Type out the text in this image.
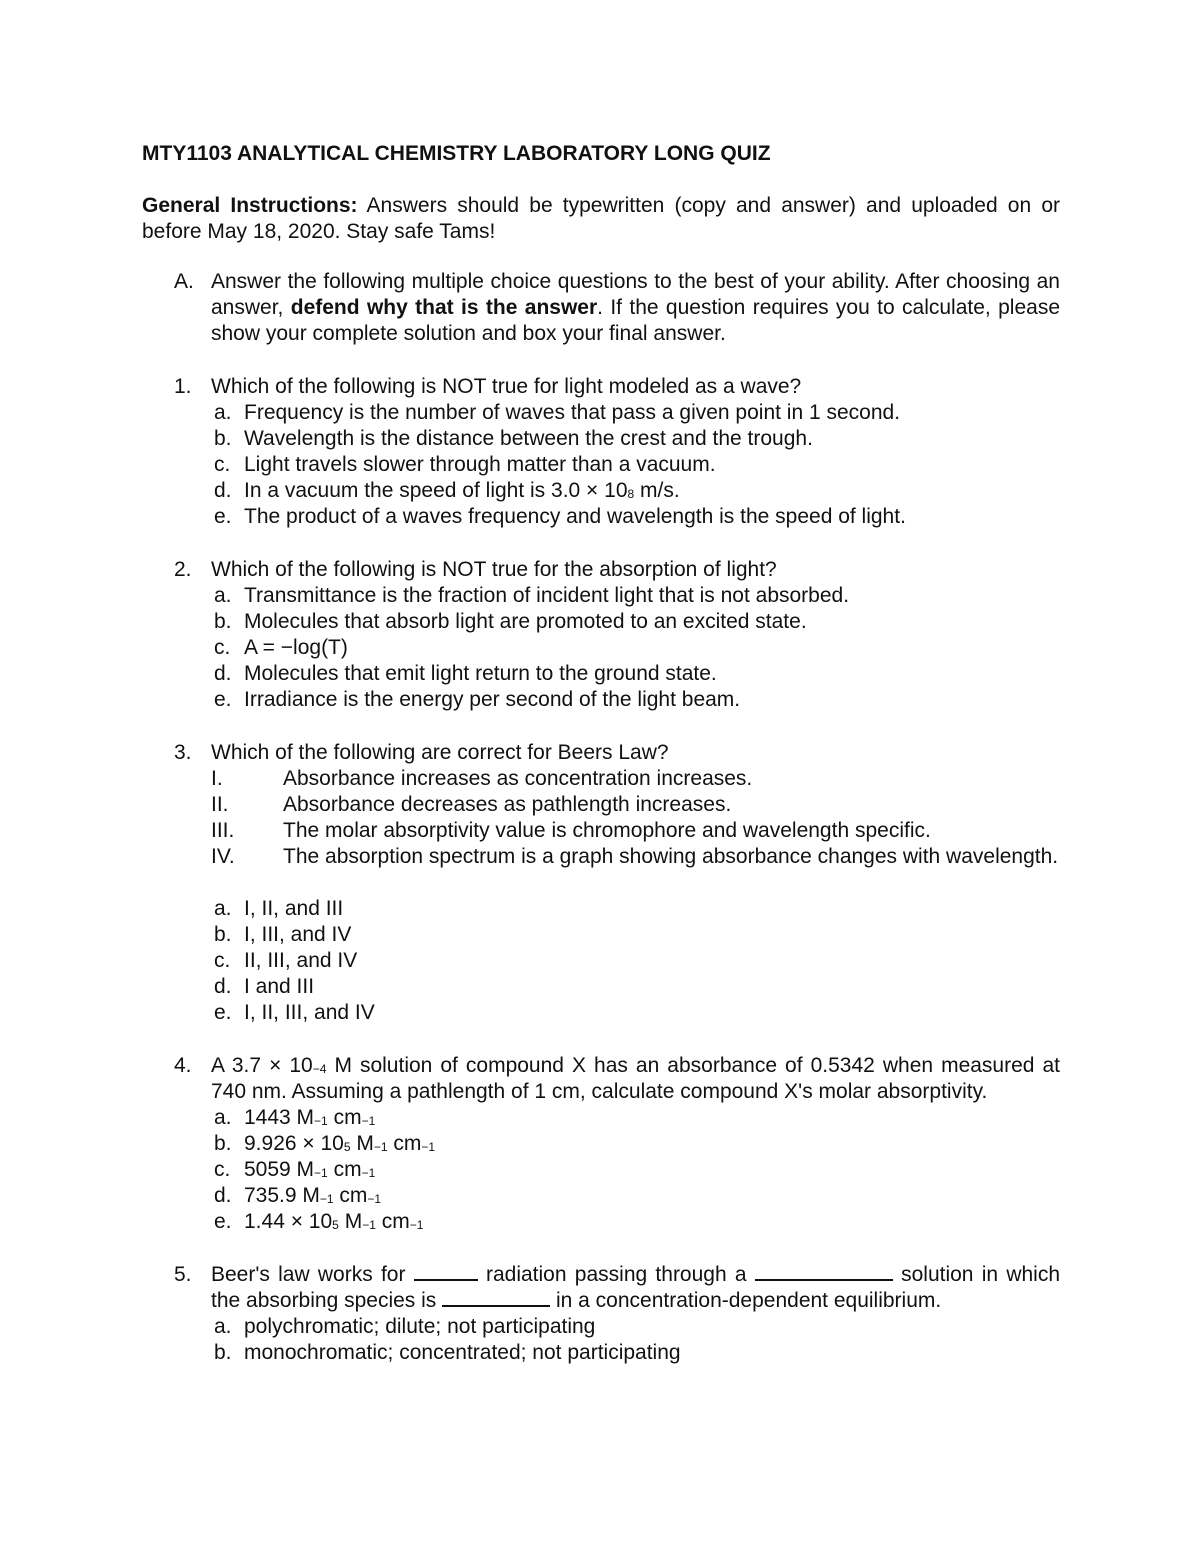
MTY1103 ANALYTICAL CHEMISTRY LABORATORY LONG QUIZ

General Instructions: Answers should be typewritten (copy and answer) and uploaded on or before May 18, 2020. Stay safe Tams!
A. Answer the following multiple choice questions to the best of your ability. After choosing an answer, defend why that is the answer. If the question requires you to calculate, please show your complete solution and box your final answer.
1. Which of the following is NOT true for light modeled as a wave?
a. Frequency is the number of waves that pass a given point in 1 second.
b. Wavelength is the distance between the crest and the trough.
c. Light travels slower through matter than a vacuum.
d. In a vacuum the speed of light is $3.0 \times 10_8$ m/s.
e. The product of a waves frequency and wavelength is the speed of light.
2. Which of the following is NOT true for the absorption of light?
a. Transmittance is the fraction of incident light that is not absorbed.
b. Molecules that absorb light are promoted to an excited state.
c. A = −log(T)
d. Molecules that emit light return to the ground state.
e. Irradiance is the energy per second of the light beam.
3. Which of the following are correct for Beers Law?
I.	Absorbance increases as concentration increases.
II.	Absorbance decreases as pathlength increases.
III.	The molar absorptivity value is chromophore and wavelength specific.
IV.	The absorption spectrum is a graph showing absorbance changes with wavelength.
a. I, II, and III
b. I, III, and IV
c. II, III, and IV
d. I and III
e. I, II, III, and IV
4. A $3.7 \times 10_{-4}$ M solution of compound X has an absorbance of 0.5342 when measured at 740 nm. Assuming a pathlength of 1 cm, calculate compound X's molar absorptivity.
a. 1443 $M_{-1}$ $cm_{-1}$
b. $9.926 \times 10_5$ $M_{-1}$ $cm_{-1}$
c. 5059 $M_{-1}$ $cm_{-1}$
d. 735.9 $M_{-1}$ $cm_{-1}$
e. $1.44 \times 10_5$ $M_{-1}$ $cm_{-1}$
5. Beer's law works for	radiation passing through a	solution in which the absorbing species is	in a concentration-dependent equilibrium.
a. polychromatic; dilute; not participating
b. monochromatic; concentrated; not participating
